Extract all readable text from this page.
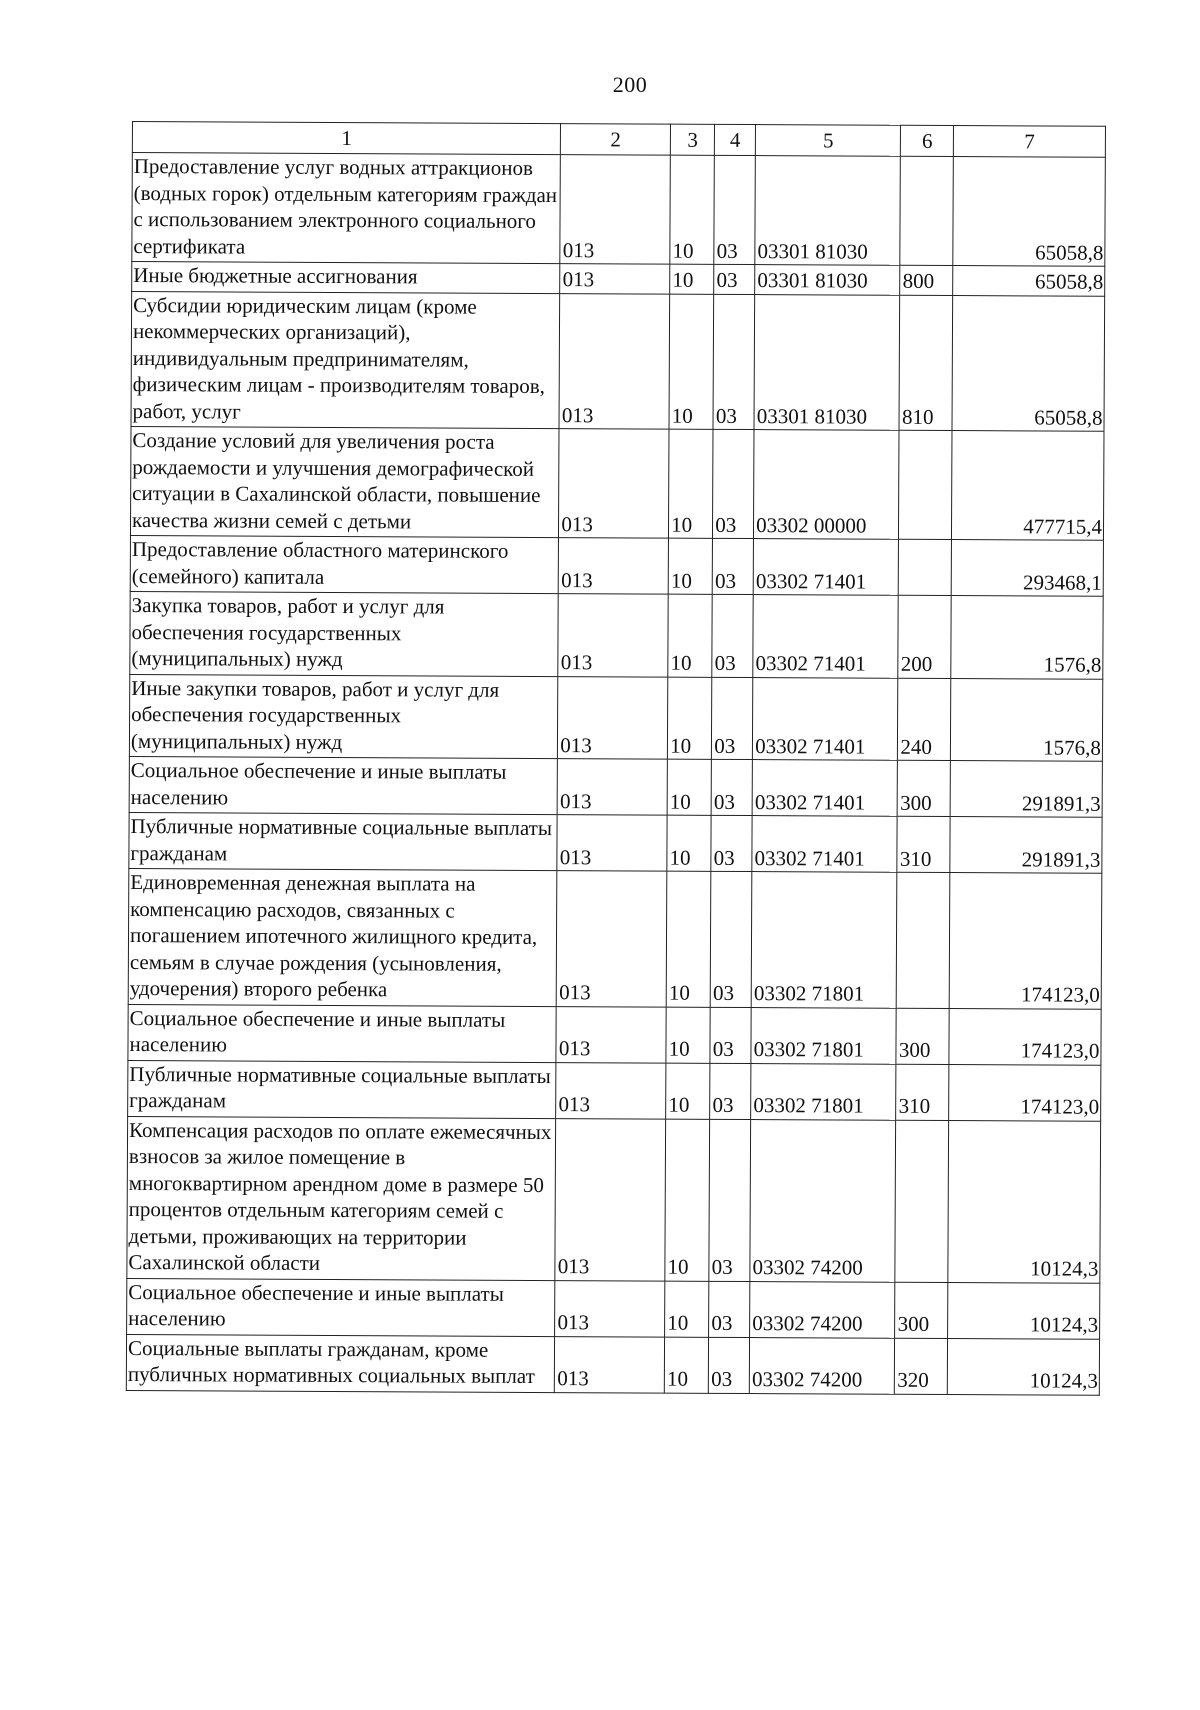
200
1	2	3	4	5	6	7
Предоставление услуг водных аттракционов (водных горок) отдельным категориям граждан с использованием электронного социального сертификата	013	10	03	03301 81030		65058,8
Иные бюджетные ассигнования	013	10	03	03301 81030	800	65058,8
Субсидии юридическим лицам (кроме некоммерческих организаций), индивидуальным предпринимателям, физическим лицам - производителям товаров, работ, услуг	013	10	03	03301 81030	810	65058,8
Создание условий для увеличения роста рождаемости и улучшения демографической ситуации в Сахалинской области, повышение качества жизни семей с детьми	013	10	03	03302 00000		477715,4
Предоставление областного материнского (семейного) капитала	013	10	03	03302 71401		293468,1
Закупка товаров, работ и услуг для обеспечения государственных (муниципальных) нужд	013	10	03	03302 71401	200	1576,8
Иные закупки товаров, работ и услуг для обеспечения государственных (муниципальных) нужд	013	10	03	03302 71401	240	1576,8
Социальное обеспечение и иные выплаты населению	013	10	03	03302 71401	300	291891,3
Публичные нормативные социальные выплаты гражданам	013	10	03	03302 71401	310	291891,3
Единовременная денежная выплата на компенсацию расходов, связанных с погашением ипотечного жилищного кредита, семьям в случае рождения (усыновления, удочерения) второго ребенка	013	10	03	03302 71801		174123,0
Социальное обеспечение и иные выплаты населению	013	10	03	03302 71801	300	174123,0
Публичные нормативные социальные выплаты гражданам	013	10	03	03302 71801	310	174123,0
Компенсация расходов по оплате ежемесячных взносов за жилое помещение в многоквартирном арендном доме в размере 50 процентов отдельным категориям семей с детьми, проживающих на территории Сахалинской области	013	10	03	03302 74200		10124,3
Социальное обеспечение и иные выплаты населению	013	10	03	03302 74200	300	10124,3
Социальные выплаты гражданам, кроме публичных нормативных социальных выплат	013	10	03	03302 74200	320	10124,3
